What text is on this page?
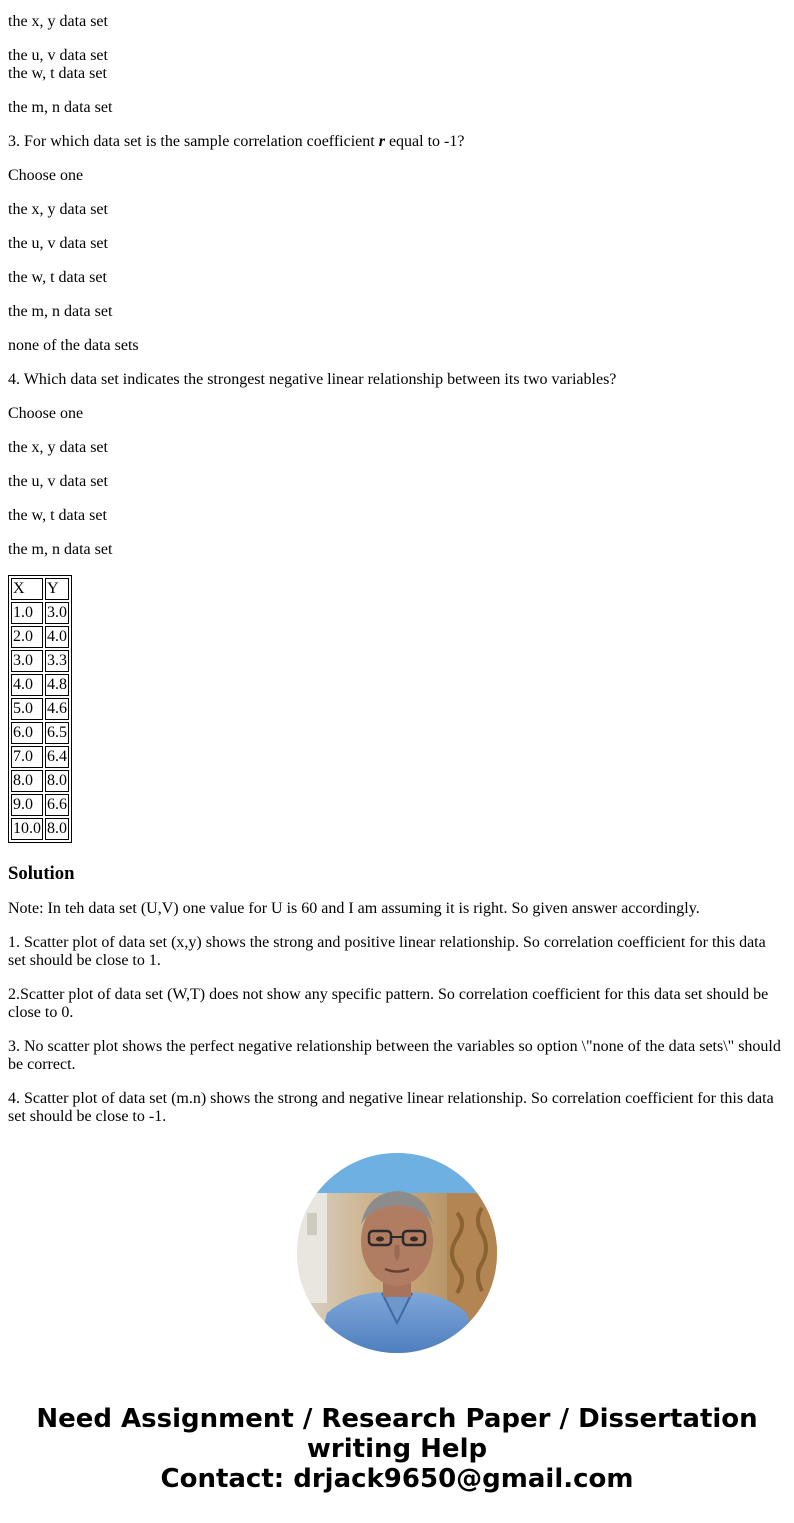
the x, y data set
the u, v data set
the w, t data set
the m, n data set
3. For which data set is the sample correlation coefficient r equal to -1?
Choose one
the x, y data set
the u, v data set
the w, t data set
the m, n data set
none of the data sets
4. Which data set indicates the strongest negative linear relationship between its two variables?
Choose one
the x, y data set
the u, v data set
the w, t data set
the m, n data set
X	Y
1.0	3.0
2.0	4.0
3.0	3.3
4.0	4.8
5.0	4.6
6.0	6.5
7.0	6.4
8.0	8.0
9.0	6.6
10.0	8.0
Solution

Note: In teh data set (U,V) one value for U is 60 and I am assuming it is right. So given answer accordingly.

1. Scatter plot of data set (x,y) shows the strong and positive linear relationship. So correlation coefficient for this data set should be close to 1.

2.Scatter plot of data set (W,T) does not show any specific pattern. So correlation coefficient for this data set should be close to 0.

3. No scatter plot shows the perfect negative relationship between the variables so option \"none of the data sets\" should be correct.

4. Scatter plot of data set (m.n) shows the strong and negative linear relationship. So correlation coefficient for this data set should be close to -1.

Need Assignment / Research Paper / Dissertation writing Help
Contact: drjack9650@gmail.com
